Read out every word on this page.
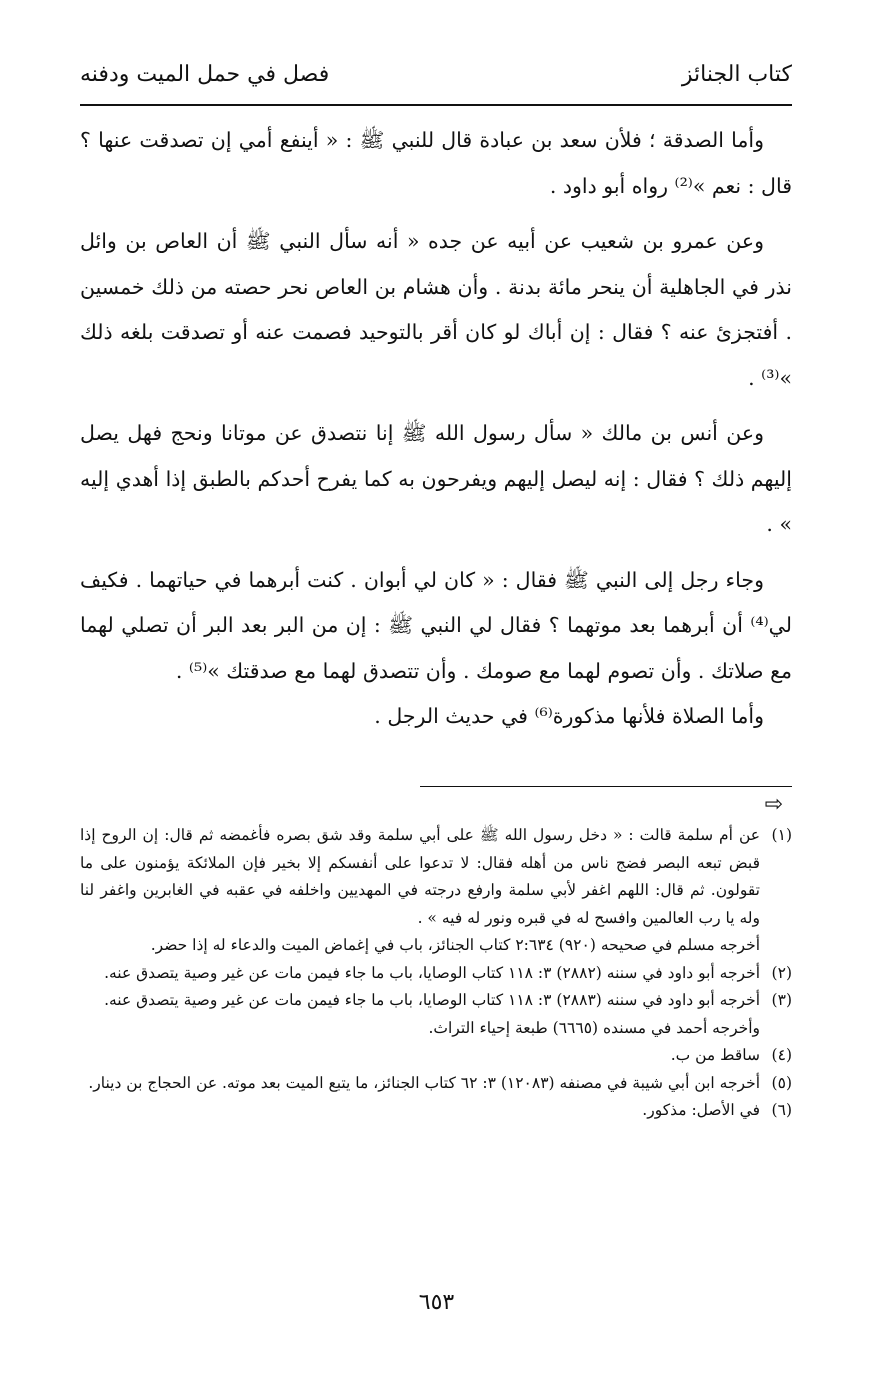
كتاب الجنائز
فصل في حمل الميت ودفنه

وأما الصدقة ؛ فلأن سعد بن عبادة قال للنبي ﷺ : « أينفع أمي إن تصدقت عنها ؟ قال : نعم »⁽²⁾ رواه أبو داود .

وعن عمرو بن شعيب عن أبيه عن جده « أنه سأل النبي ﷺ أن العاص بن وائل نذر في الجاهلية أن ينحر مائة بدنة . وأن هشام بن العاص نحر حصته من ذلك خمسين . أفتجزئ عنه ؟ فقال : إن أباك لو كان أقر بالتوحيد فصمت عنه أو تصدقت بلغه ذلك »⁽³⁾ .

وعن أنس بن مالك « سأل رسول الله ﷺ إنا نتصدق عن موتانا ونحج فهل يصل إليهم ذلك ؟ فقال : إنه ليصل إليهم ويفرحون به كما يفرح أحدكم بالطبق إذا أهدي إليه » .

وجاء رجل إلى النبي ﷺ فقال : « كان لي أبوان . كنت أبرهما في حياتهما . فكيف لي⁽⁴⁾ أن أبرهما بعد موتهما ؟ فقال لي النبي ﷺ : إن من البر بعد البر أن تصلي لهما مع صلاتك . وأن تصوم لهما مع صومك . وأن تتصدق لهما مع صدقتك »⁽⁵⁾ .

وأما الصلاة فلأنها مذكورة⁽⁶⁾ في حديث الرجل .

⇨
(١)
عن أم سلمة قالت : « دخل رسول الله ﷺ على أبي سلمة وقد شق بصره فأغمضه ثم قال: إن الروح إذا قبض تبعه البصر فضج ناس من أهله فقال: لا تدعوا على أنفسكم إلا بخير فإن الملائكة يؤمنون على ما تقولون. ثم قال: اللهم اغفر لأبي سلمة وارفع درجته في المهديين واخلفه في عقبه في الغابرين واغفر لنا وله يا رب العالمين وافسح له في قبره ونور له فيه » .
أخرجه مسلم في صحيحه (٩٢٠) ٢:٦٣٤ كتاب الجنائز، باب في إغماض الميت والدعاء له إذا حضر.
(٢)
أخرجه أبو داود في سننه (٢٨٨٢) ٣: ١١٨ كتاب الوصايا، باب ما جاء فيمن مات عن غير وصية يتصدق عنه.
(٣)
أخرجه أبو داود في سننه (٢٨٨٣) ٣: ١١٨ كتاب الوصايا، باب ما جاء فيمن مات عن غير وصية يتصدق عنه.
وأخرجه أحمد في مسنده (٦٦٦٥) طبعة إحياء التراث.
(٤)
ساقط من ب.
(٥)
أخرجه ابن أبي شيبة في مصنفه (١٢٠٨٣) ٣: ٦٢ كتاب الجنائز، ما يتبع الميت بعد موته. عن الحجاج بن دينار.
(٦)
في الأصل: مذكور.
٦٥٣
